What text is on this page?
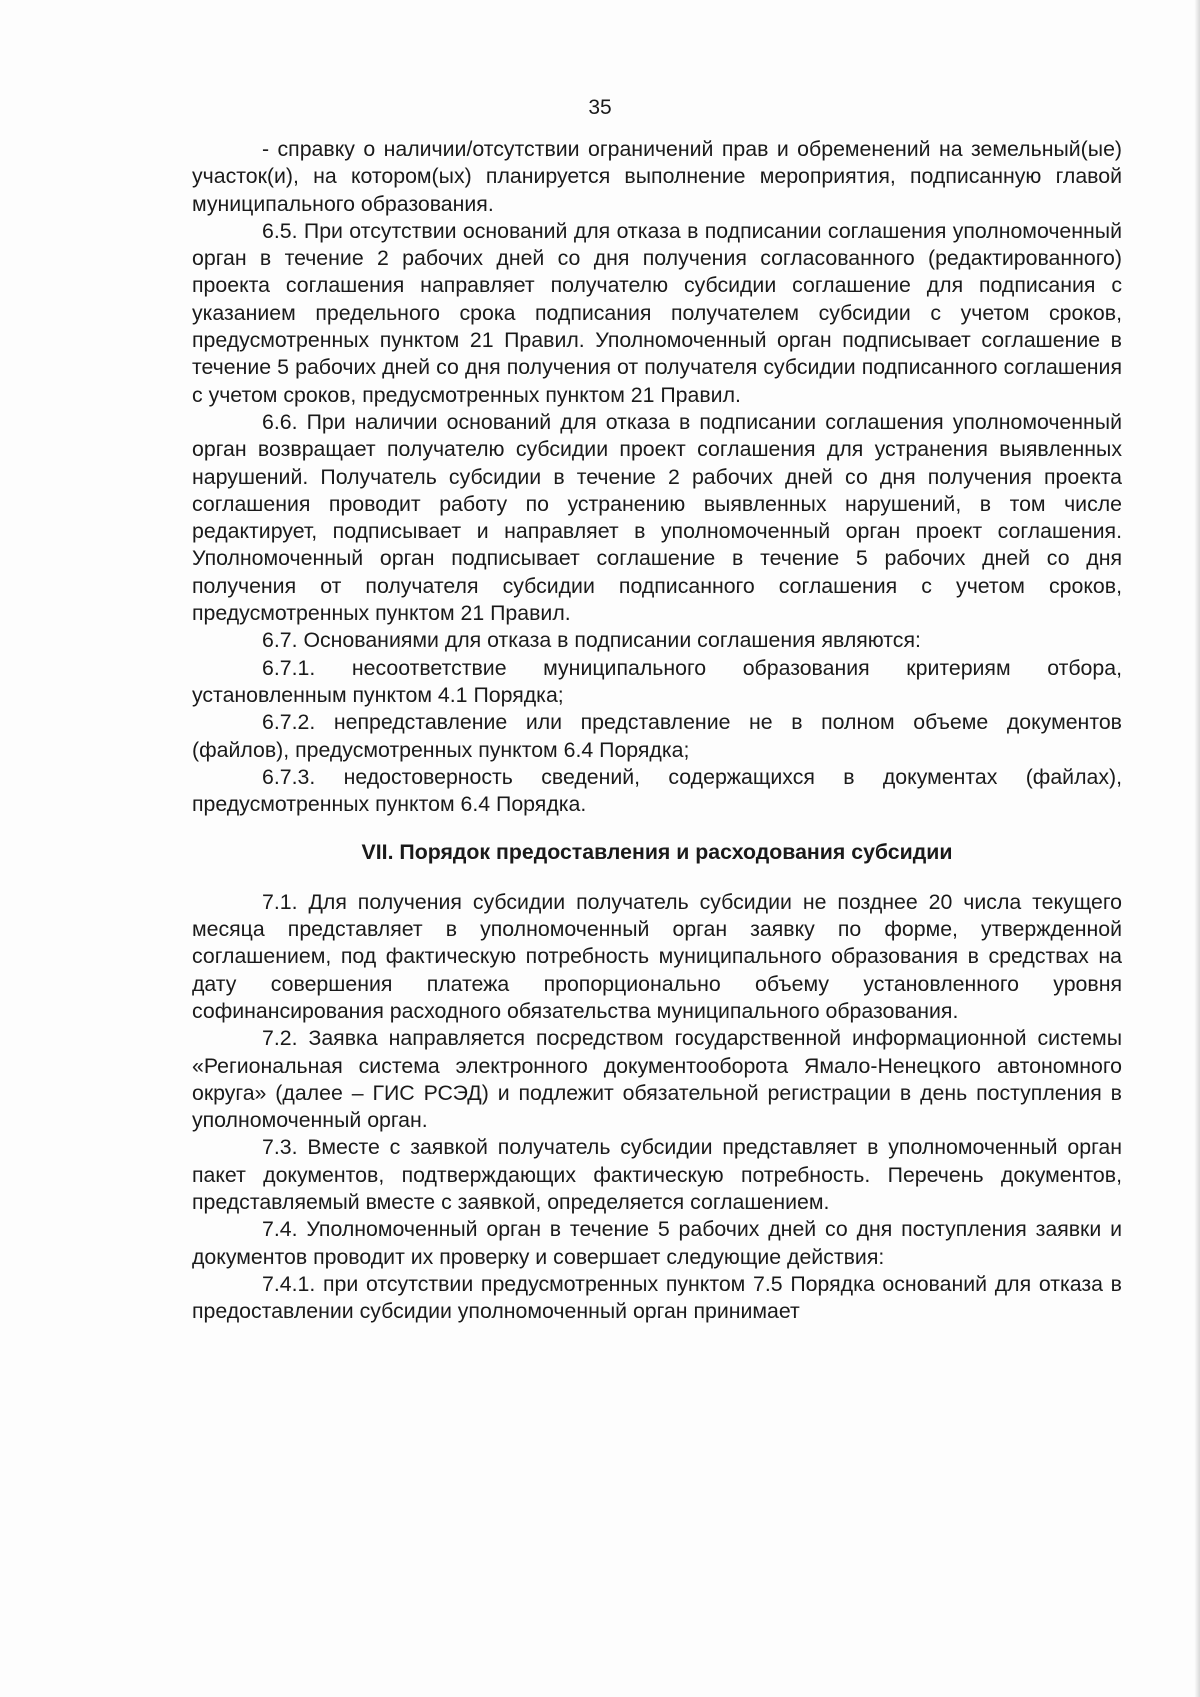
35

- справку о наличии/отсутствии ограничений прав и обременений на земельный(ые) участок(и), на котором(ых) планируется выполнение мероприятия, подписанную главой муниципального образования.

6.5. При отсутствии оснований для отказа в подписании соглашения уполномоченный орган в течение 2 рабочих дней со дня получения согласованного (редактированного) проекта соглашения направляет получателю субсидии соглашение для подписания с указанием предельного срока подписания получателем субсидии с учетом сроков, предусмотренных пунктом 21 Правил. Уполномоченный орган подписывает соглашение в течение 5 рабочих дней со дня получения от получателя субсидии подписанного соглашения с учетом сроков, предусмотренных пунктом 21 Правил.

6.6. При наличии оснований для отказа в подписании соглашения уполномоченный орган возвращает получателю субсидии проект соглашения для устранения выявленных нарушений. Получатель субсидии в течение 2 рабочих дней со дня получения проекта соглашения проводит работу по устранению выявленных нарушений, в том числе редактирует, подписывает и направляет в уполномоченный орган проект соглашения. Уполномоченный орган подписывает соглашение в течение 5 рабочих дней со дня получения от получателя субсидии подписанного соглашения с учетом сроков, предусмотренных пунктом 21 Правил.

6.7. Основаниями для отказа в подписании соглашения являются:

6.7.1. несоответствие муниципального образования критериям отбора, установленным пунктом 4.1 Порядка;

6.7.2. непредставление или представление не в полном объеме документов (файлов), предусмотренных пунктом 6.4 Порядка;

6.7.3. недостоверность сведений, содержащихся в документах (файлах), предусмотренных пунктом 6.4 Порядка.

VII. Порядок предоставления и расходования субсидии

7.1. Для получения субсидии получатель субсидии не позднее 20 числа текущего месяца представляет в уполномоченный орган заявку по форме, утвержденной соглашением, под фактическую потребность муниципального образования в средствах на дату совершения платежа пропорционально объему установленного уровня софинансирования расходного обязательства муниципального образования.

7.2. Заявка направляется посредством государственной информационной системы «Региональная система электронного документооборота Ямало-Ненецкого автономного округа» (далее – ГИС РСЭД) и подлежит обязательной регистрации в день поступления в уполномоченный орган.

7.3. Вместе с заявкой получатель субсидии представляет в уполномоченный орган пакет документов, подтверждающих фактическую потребность. Перечень документов, представляемый вместе с заявкой, определяется соглашением.

7.4. Уполномоченный орган в течение 5 рабочих дней со дня поступления заявки и документов проводит их проверку и совершает следующие действия:

7.4.1. при отсутствии предусмотренных пунктом 7.5 Порядка оснований для отказа в предоставлении субсидии уполномоченный орган принимает
